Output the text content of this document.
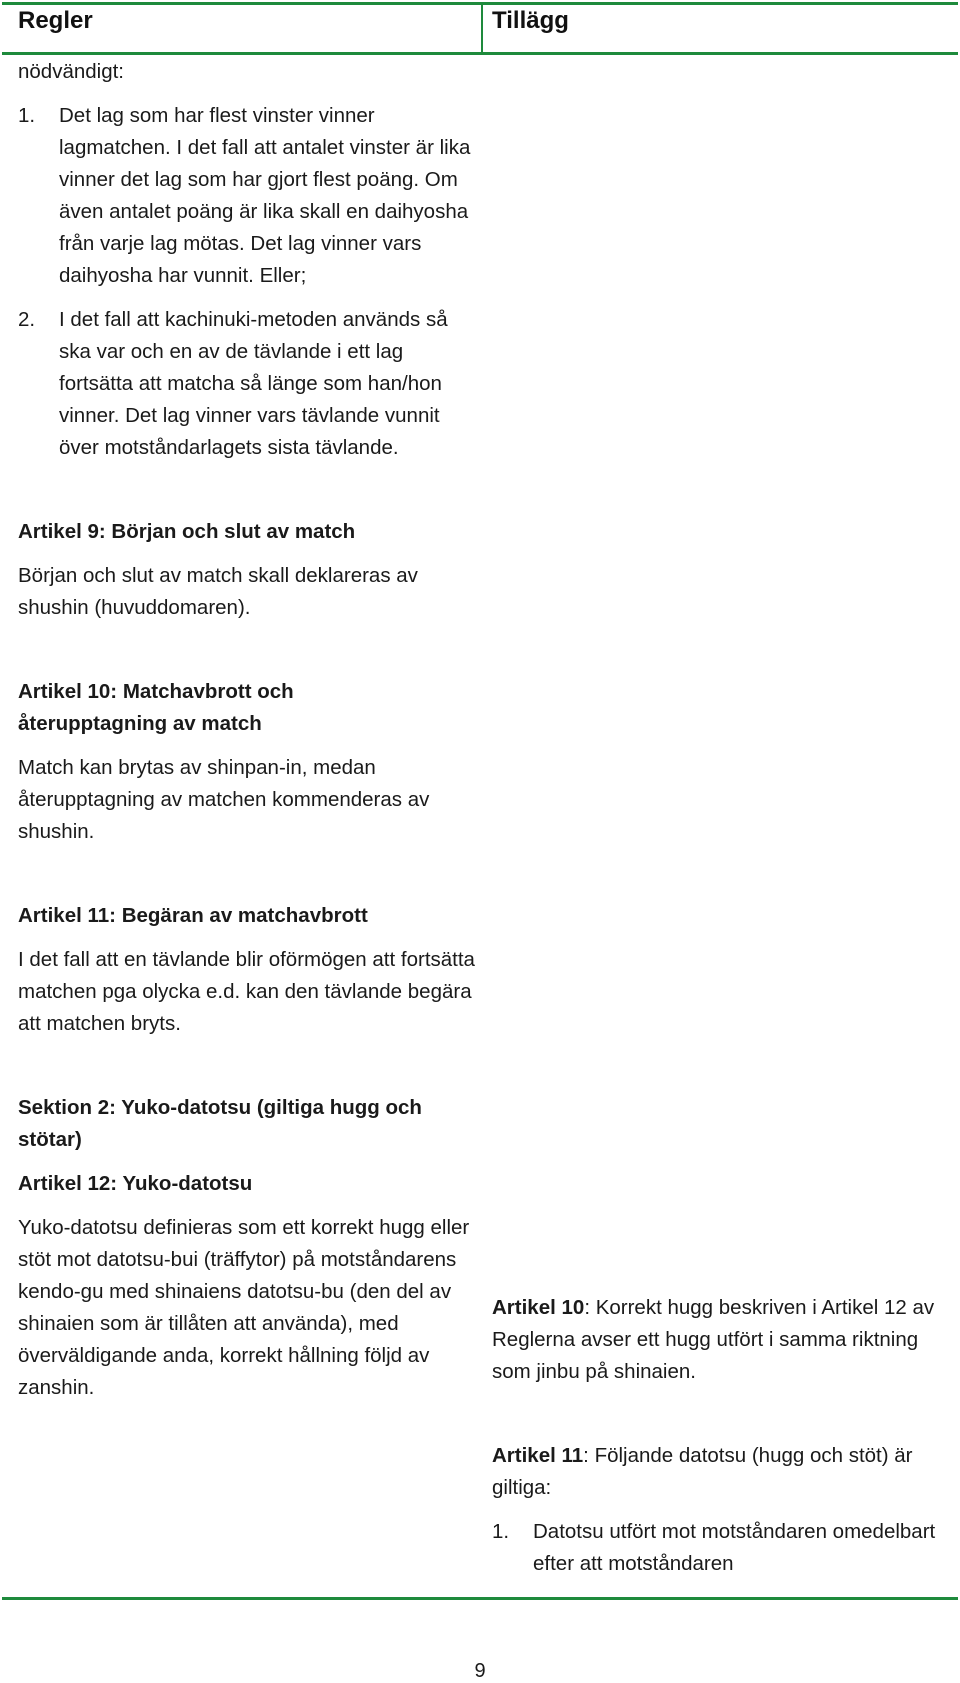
Regler	Tillägg

nödvändigt:

1. Det lag som har flest vinster vinner lagmatchen. I det fall att antalet vinster är lika vinner det lag som har gjort flest poäng. Om även antalet poäng är lika skall en daihyosha från varje lag mötas. Det lag vinner vars daihyosha har vunnit. Eller;
2. I det fall att kachinuki-metoden används så ska var och en av de tävlande i ett lag fortsätta att matcha så länge som han/hon vinner. Det lag vinner vars tävlande vunnit över motståndarlagets sista tävlande.

Artikel 9: Början och slut av match

Början och slut av match skall deklareras av shushin (huvuddomaren).

Artikel 10: Matchavbrott och återupptagning av match

Match kan brytas av shinpan-in, medan återupptagning av matchen kommenderas av shushin.

Artikel 11: Begäran av matchavbrott

I det fall att en tävlande blir oförmögen att fortsätta matchen pga olycka e.d. kan den tävlande begära att matchen bryts.

Sektion 2: Yuko-datotsu (giltiga hugg och stötar)

Artikel 12: Yuko-datotsu

Yuko-datotsu definieras som ett korrekt hugg eller stöt mot datotsu-bui (träffytor) på motståndarens kendo-gu med shinaiens datotsu-bu (den del av shinaien som är tillåten att använda), med överväldigande anda, korrekt hållning följd av zanshin.

Artikel 10: Korrekt hugg beskriven i Artikel 12 av Reglerna avser ett hugg utfört i samma riktning som jinbu på shinaien.

Artikel 11: Följande datotsu (hugg och stöt) är giltiga:

1. Datotsu utfört mot motståndaren omedelbart efter att motståndaren
9
